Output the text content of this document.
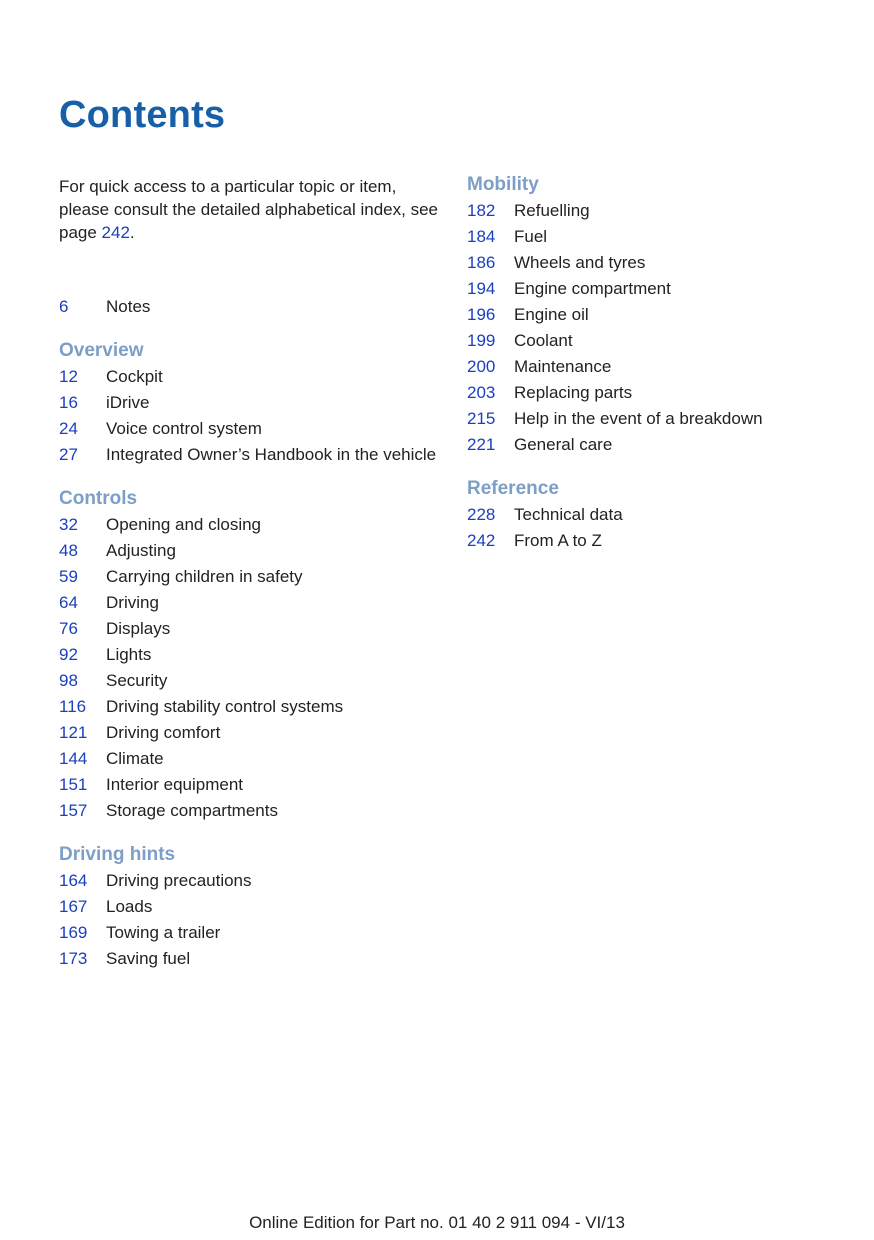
Contents
For quick access to a particular topic or item, please consult the detailed alphabetical index, see page 242.
6	Notes
Overview
12	Cockpit
16	iDrive
24	Voice control system
27	Integrated Owner’s Handbook in the vehicle
Controls
32	Opening and closing
48	Adjusting
59	Carrying children in safety
64	Driving
76	Displays
92	Lights
98	Security
116	Driving stability control systems
121	Driving comfort
144	Climate
151	Interior equipment
157	Storage compartments
Driving hints
164	Driving precautions
167	Loads
169	Towing a trailer
173	Saving fuel
Mobility
182	Refuelling
184	Fuel
186	Wheels and tyres
194	Engine compartment
196	Engine oil
199	Coolant
200	Maintenance
203	Replacing parts
215	Help in the event of a breakdown
221	General care
Reference
228	Technical data
242	From A to Z
Online Edition for Part no. 01 40 2 911 094 - VI/13
